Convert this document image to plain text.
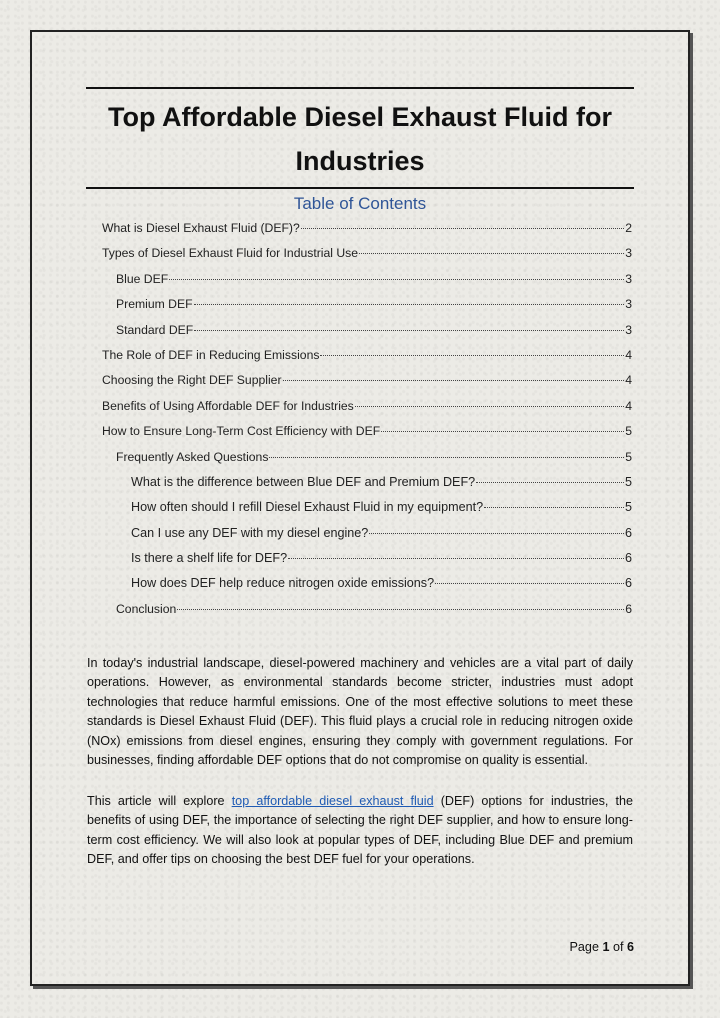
Top Affordable Diesel Exhaust Fluid for
Industries
Table of Contents
What is Diesel Exhaust Fluid (DEF)?	2
Types of Diesel Exhaust Fluid for Industrial Use	3
Blue DEF	3
Premium DEF	3
Standard DEF	3
The Role of DEF in Reducing Emissions	4
Choosing the Right DEF Supplier	4
Benefits of Using Affordable DEF for Industries	4
How to Ensure Long-Term Cost Efficiency with DEF	5
Frequently Asked Questions	5
What is the difference between Blue DEF and Premium DEF?	5
How often should I refill Diesel Exhaust Fluid in my equipment?	5
Can I use any DEF with my diesel engine?	6
Is there a shelf life for DEF?	6
How does DEF help reduce nitrogen oxide emissions?	6
Conclusion	6

In today's industrial landscape, diesel-powered machinery and vehicles are a vital part of daily operations. However, as environmental standards become stricter, industries must adopt technologies that reduce harmful emissions. One of the most effective solutions to meet these standards is Diesel Exhaust Fluid (DEF). This fluid plays a crucial role in reducing nitrogen oxide (NOx) emissions from diesel engines, ensuring they comply with government regulations. For businesses, finding affordable DEF options that do not compromise on quality is essential.

This article will explore top affordable diesel exhaust fluid (DEF) options for industries, the benefits of using DEF, the importance of selecting the right DEF supplier, and how to ensure long-term cost efficiency. We will also look at popular types of DEF, including Blue DEF and premium DEF, and offer tips on choosing the best DEF fuel for your operations.

Page 1 of 6
